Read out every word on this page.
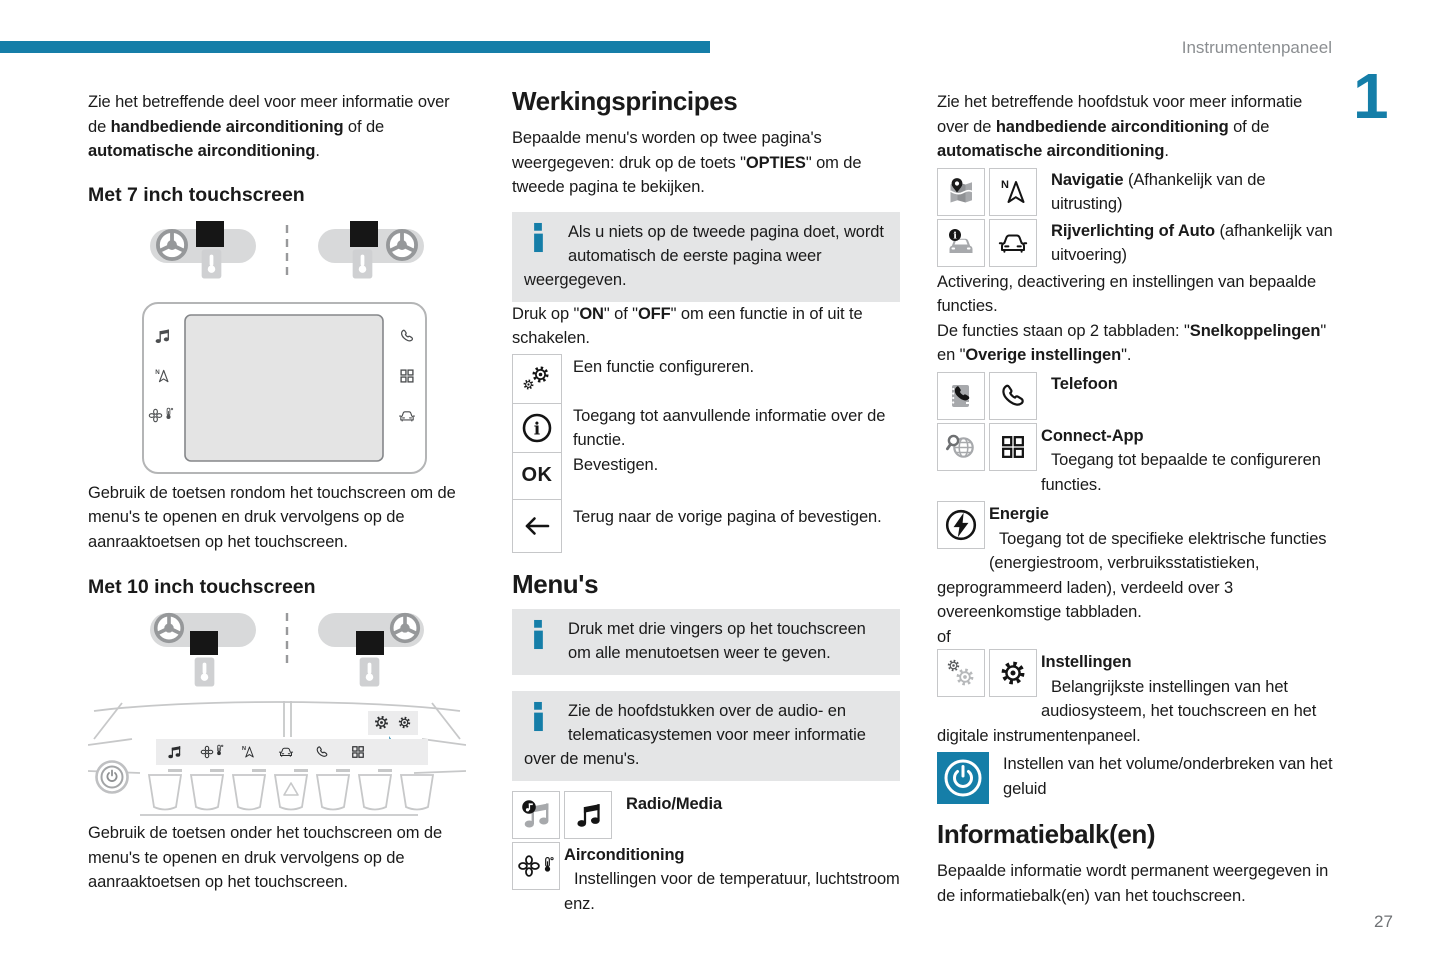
Instrumentenpaneel
1
27

Zie het betreffende deel voor meer informatie over de handbediende airconditioning of de automatische airconditioning.

Met 7 inch touchscreen

Gebruik de toetsen rondom het touchscreen om de menu's te openen en druk vervolgens op de aanraaktoetsen op het touchscreen.

Met 10 inch touchscreen

Gebruik de toetsen onder het touchscreen om de menu's te openen en druk vervolgens op de aanraaktoetsen op het touchscreen.

Werkingsprincipes

Bepaalde menu's worden op twee pagina's weergegeven: druk op de toets "OPTIES" om de tweede pagina te bekijken.

Als u niets op de tweede pagina doet, wordt automatisch de eerste pagina weer weergegeven.

Druk op "ON" of "OFF" om een functie in of uit te schakelen.

Een functie configureren.
i
Toegang tot aanvullende informatie over de functie.
OK	Bevestigen.
Terug naar de vorige pagina of bevestigen.
Menu's
Druk met drie vingers op het touchscreen om alle menutoetsen weer te geven.
Zie de hoofdstukken over de audio- en telematicasystemen voor meer informatie over de menu's.
Radio/Media
Airconditioning
Instellingen voor de temperatuur, luchtstroom enz.

Zie het betreffende hoofdstuk voor meer informatie over de handbediende airconditioning of de automatische airconditioning.

Navigatie (Afhankelijk van de uitrusting)
i	Rijverlichting of Auto (afhankelijk van uitvoering)

Activering, deactivering en instellingen van bepaalde functies.

De functies staan op 2 tabbladen: "Snelkoppelingen" en "Overige instellingen".

Telefoon
Connect-App
Toegang tot bepaalde te configureren functies.
Energie
Toegang tot de specifieke elektrische functies (energiestroom, verbruiksstatistieken, geprogrammeerd laden), verdeeld over 3 overeenkomstige tabbladen.

of

Instellingen
Belangrijkste instellingen van het audiosysteem, het touchscreen en het digitale instrumentenpaneel.
Instellen van het volume/onderbreken van het geluid
Informatiebalk(en)

Bepaalde informatie wordt permanent weergegeven in de informatiebalk(en) van het touchscreen.
